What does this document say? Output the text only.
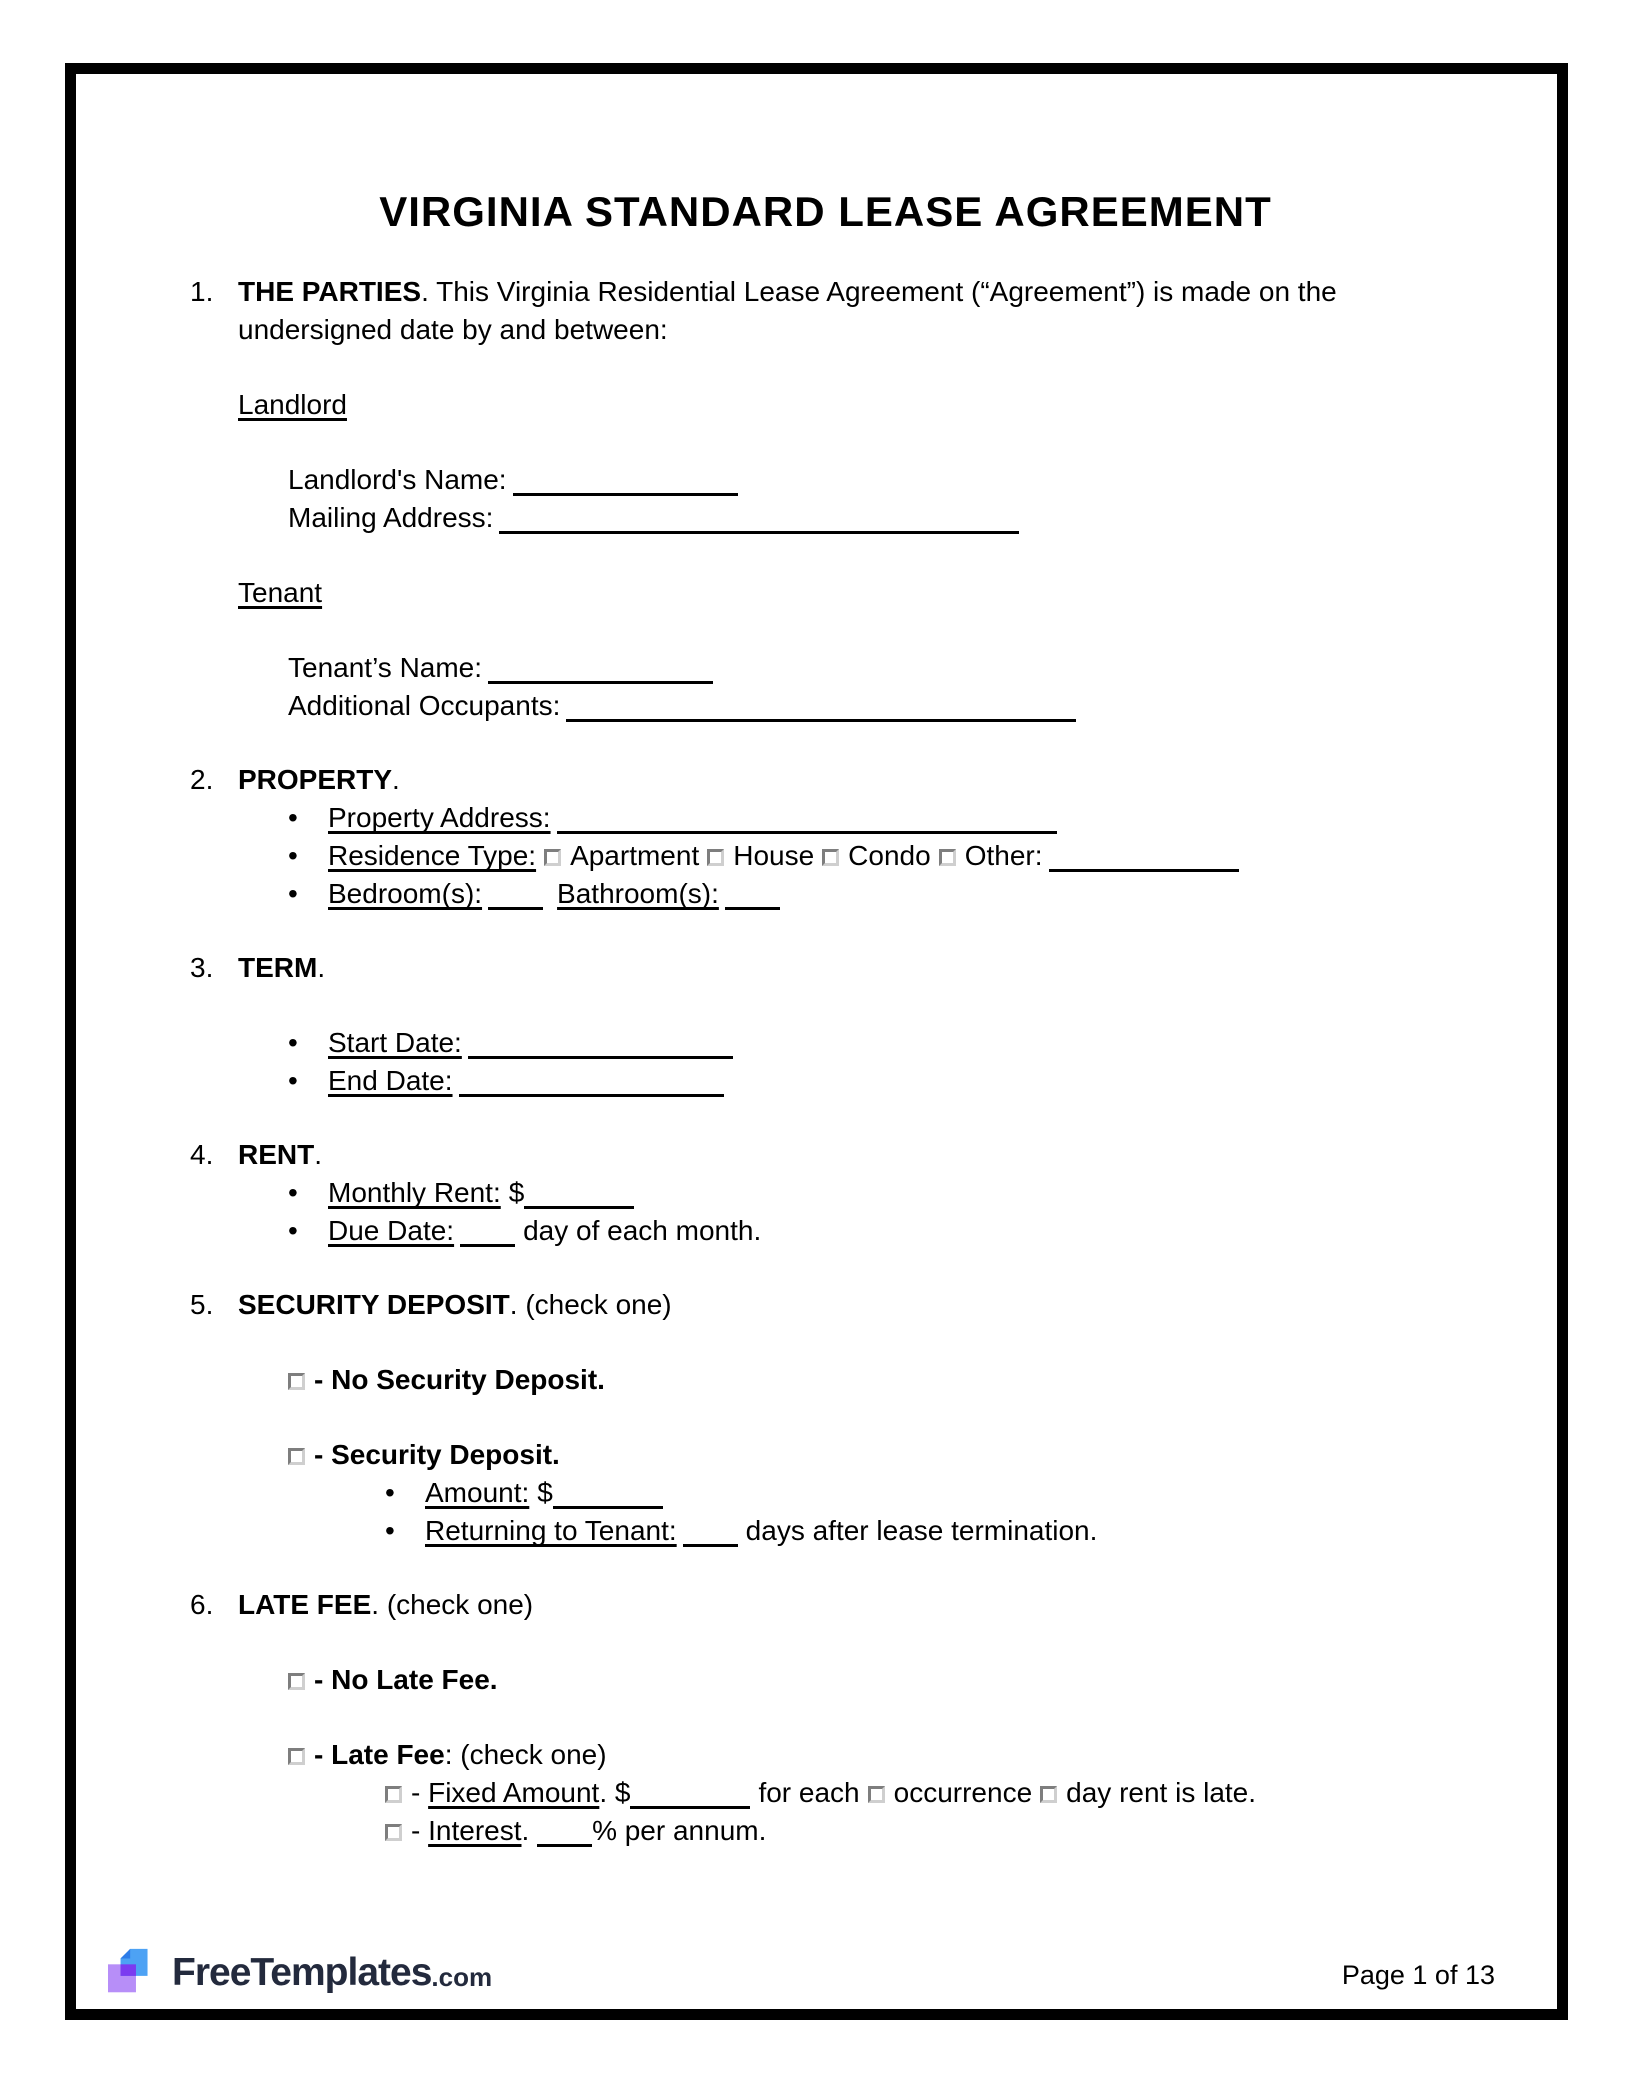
VIRGINIA STANDARD LEASE AGREEMENT
1. THE PARTIES. This Virginia Residential Lease Agreement (“Agreement”) is made on the undersigned date by and between:
Landlord
Landlord's Name:
Mailing Address:
Tenant
Tenant’s Name:
Additional Occupants:
2. PROPERTY.
•	Property Address:
•	Residence Type: Apartment House Condo Other:
•	Bedroom(s):	Bathroom(s):
3. TERM.
•	Start Date:
•	End Date:
4. RENT.
•	Monthly Rent: $
•	Due Date: day of each month.
5. SECURITY DEPOSIT. (check one)
- No Security Deposit.
- Security Deposit.
•	Amount: $
•	Returning to Tenant: days after lease termination.
6. LATE FEE. (check one)
- No Late Fee.
- Late Fee: (check one)
- Fixed Amount. $	for each occurrence day rent is late.
- Interest. % per annum.
FreeTemplates .com	Page 1 of 13
